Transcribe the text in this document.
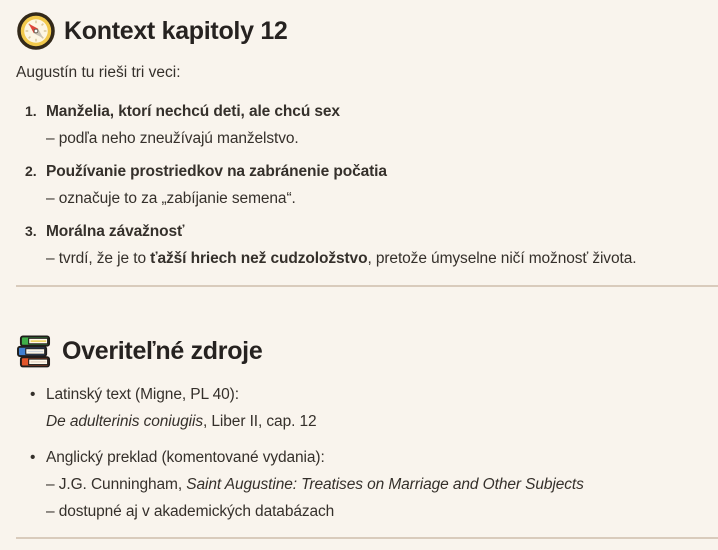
Kontext kapitoly 12

Augustín tu rieši tri veci:

1. Manželia, ktorí nechcú deti, ale chcú sex
– podľa neho zneužívajú manželstvo.
2. Používanie prostriedkov na zabránenie počatia
– označuje to za „zabíjanie semena“.
3. Morálna závažnosť
– tvrdí, že je to ťažší hriech než cudzoložstvo, pretože úmyselne ničí možnosť života.
Overiteľné zdroje
• Latinský text (Migne, PL 40):
De adulterinis coniugiis, Liber II, cap. 12
• Anglický preklad (komentované vydania):
– J.G. Cunningham, Saint Augustine: Treatises on Marriage and Other Subjects
– dostupné aj v akademických databázach
